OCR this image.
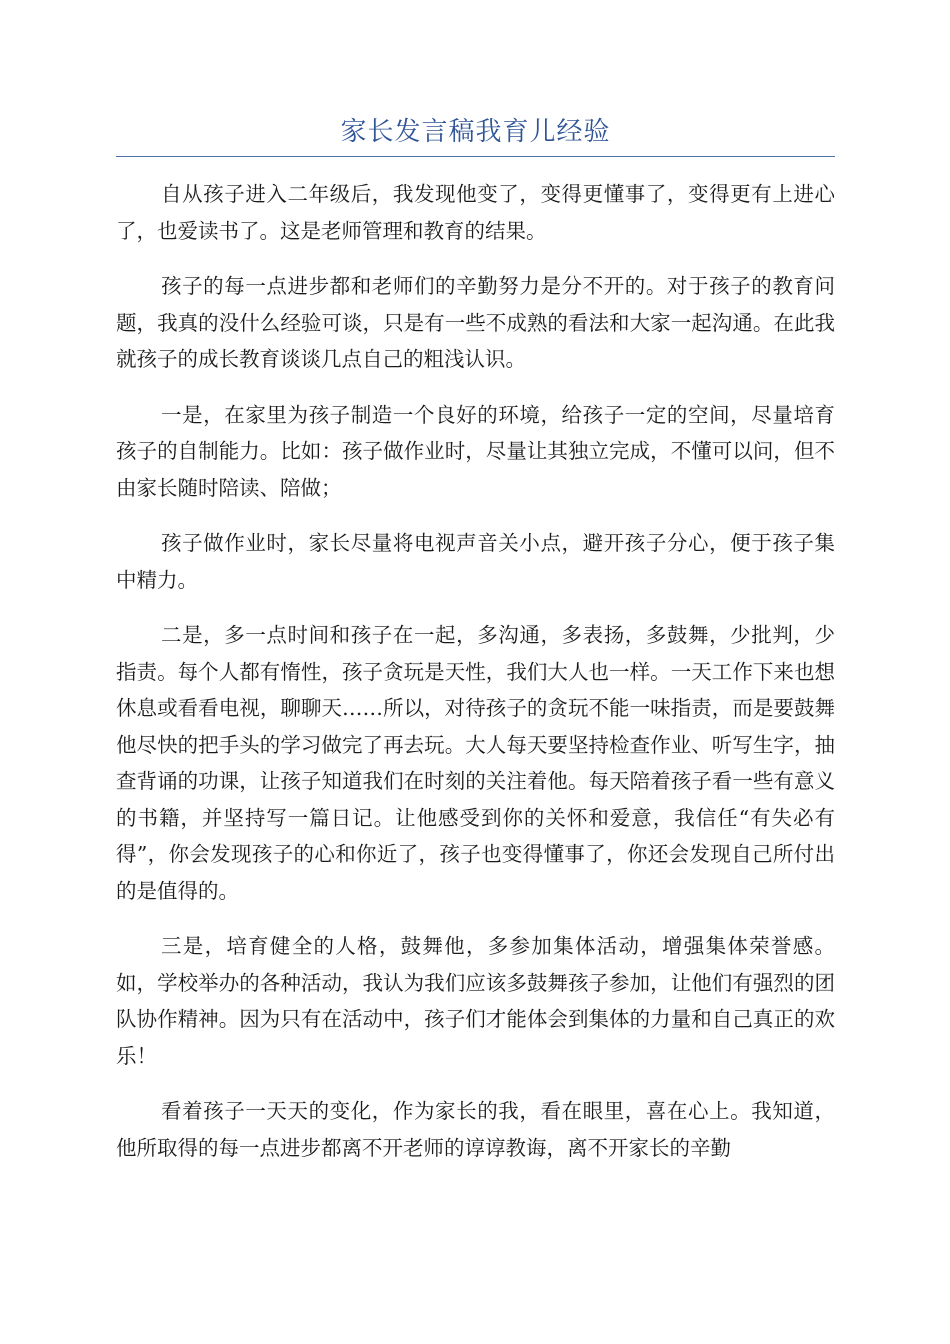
家长发言稿我育儿经验

自从孩子进入二年级后，我发现他变了，变得更懂事了，变得更有上进心了，也爱读书了。这是老师管理和教育的结果。

孩子的每一点进步都和老师们的辛勤努力是分不开的。对于孩子的教育问题，我真的没什么经验可谈，只是有一些不成熟的看法和大家一起沟通。在此我就孩子的成长教育谈谈几点自己的粗浅认识。

一是，在家里为孩子制造一个良好的环境，给孩子一定的空间，尽量培育孩子的自制能力。比如：孩子做作业时，尽量让其独立完成，不懂可以问，但不由家长随时陪读、陪做；

孩子做作业时，家长尽量将电视声音关小点，避开孩子分心，便于孩子集中精力。

二是，多一点时间和孩子在一起，多沟通，多表扬，多鼓舞，少批判，少指责。每个人都有惰性，孩子贪玩是天性，我们大人也一样。一天工作下来也想休息或看看电视，聊聊天……所以，对待孩子的贪玩不能一味指责，而是要鼓舞他尽快的把手头的学习做完了再去玩。大人每天要坚持检查作业、听写生字，抽查背诵的功课，让孩子知道我们在时刻的关注着他。每天陪着孩子看一些有意义的书籍，并坚持写一篇日记。让他感受到你的关怀和爱意，我信任“有失必有得”，你会发现孩子的心和你近了，孩子也变得懂事了，你还会发现自己所付出的是值得的。

三是，培育健全的人格，鼓舞他，多参加集体活动，增强集体荣誉感。如，学校举办的各种活动，我认为我们应该多鼓舞孩子参加，让他们有强烈的团队协作精神。因为只有在活动中，孩子们才能体会到集体的力量和自己真正的欢乐！

看着孩子一天天的变化，作为家长的我，看在眼里，喜在心上。我知道，他所取得的每一点进步都离不开老师的谆谆教诲，离不开家长的辛勤
